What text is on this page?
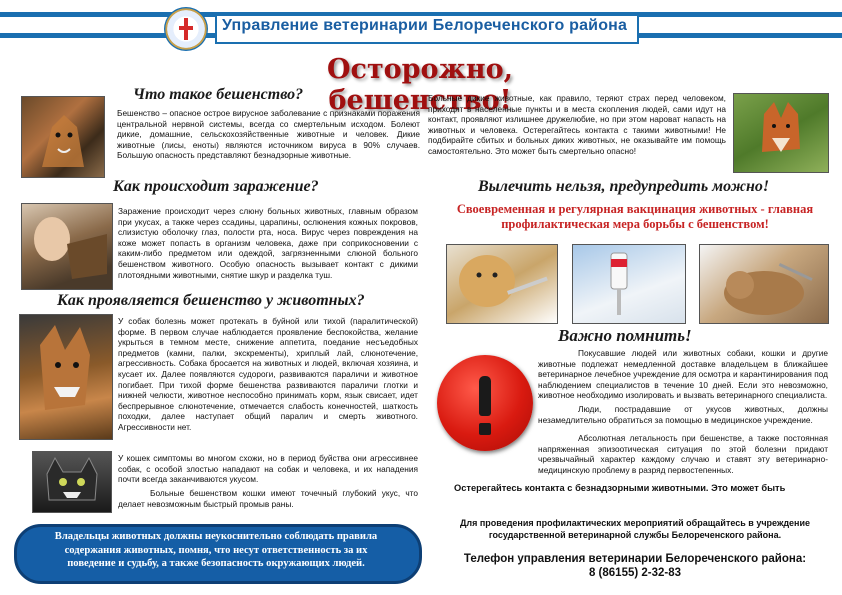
Управление ветеринарии Белореченского района
Осторожно, бешенство!
Что такое бешенство?
Бешенство – опасное острое вирусное заболевание с признаками поражения центральной нервной системы, всегда со смертельным исходом. Болеют дикие, домашние, сельскохозяйственные животные и человек. Дикие животные (лисы, еноты) являются источником вируса в 90% случаев. Большую опасность представляют безнадзорные животные.
Как происходит заражение?
Заражение происходит через слюну больных животных, главным образом при укусах, а также через ссадины, царапины, ослюнения кожных покровов, слизистую оболочку глаз, полости рта, носа. Вирус через повреждения на коже может попасть в организм человека, даже при соприкосновении с каким-либо предметом или одеждой, загрязненными слюной больного бешенством животного. Особую опасность вызывает контакт с дикими плотоядными животными, снятие шкур и разделка туш.
Как проявляется бешенство у животных?
У собак болезнь может протекать в буйной или тихой (паралитической) форме. В первом случае наблюдается проявление беспокойства, желание укрыться в темном месте, снижение аппетита, поедание несъедобных предметов (камни, палки, экскременты), хриплый лай, слюнотечение, агрессивность. Собака бросается на животных и людей, включая хозяина, и кусает их. Далее появляются судороги, развиваются параличи и животное погибает. При тихой форме бешенства развиваются параличи глотки и нижней челюсти, животное неспособно принимать корм, язык свисает, идет беспрерывное слюнотечение, отмечается слабость конечностей, шаткость походки, далее наступает общий паралич и смерть животного. Агрессивности нет.
У кошек симптомы во многом схожи, но в период буйства они агрессивнее собак, с особой злостью нападают на собак и человека, и их нападения почти всегда заканчиваются укусом.
Больные бешенством кошки имеют точечный глубокий укус, что делает невозможным быстрый промыв раны.
Владельцы животных должны неукоснительно соблюдать правила содержания животных, помня, что несут ответственность за их поведение и судьбу, а также безопасность окружающих людей.
Больные дикие животные, как правило, теряют страх перед человеком, приходят в населенные пункты и в места скопления людей, сами идут на контакт, проявляют излишнее дружелюбие, но при этом нароват напасть на животных и человека. Остерегайтесь контакта с такими животными! Не подбирайте сбитых и больных диких животных, не оказывайте им помощь самостоятельно. Это может быть смертельно опасно!
Вылечить нельзя, предупредить можно!
Своевременная и регулярная вакцинация животных - главная профилактическая мера борьбы с бешенством!
Важно помнить!
Покусавшие людей или животных собаки, кошки и другие животные подлежат немедленной доставке владельцем в ближайшее ветеринарное лечебное учреждение для осмотра и карантинирования под наблюдением специалистов в течение 10 дней. Если это невозможно, животное необходимо изолировать и вызвать ветеринарного специалиста.
Люди, пострадавшие от укусов животных, должны незамедлительно обратиться за помощью в медицинское учреждение.
Абсолютная летальность при бешенстве, а также постоянная напряженная эпизоотическая ситуация по этой болезни придают чрезвычайный характер каждому случаю и ставят эту ветеринарно-медицинскую проблему в разряд первостепенных.
Остерегайтесь контакта с безнадзорными животными. Это может быть
Для проведения профилактических мероприятий обращайтесь в учреждение государственной ветеринарной службы Белореченского района.
Телефон управления ветеринарии Белореченского района:
8 (86155) 2-32-83
